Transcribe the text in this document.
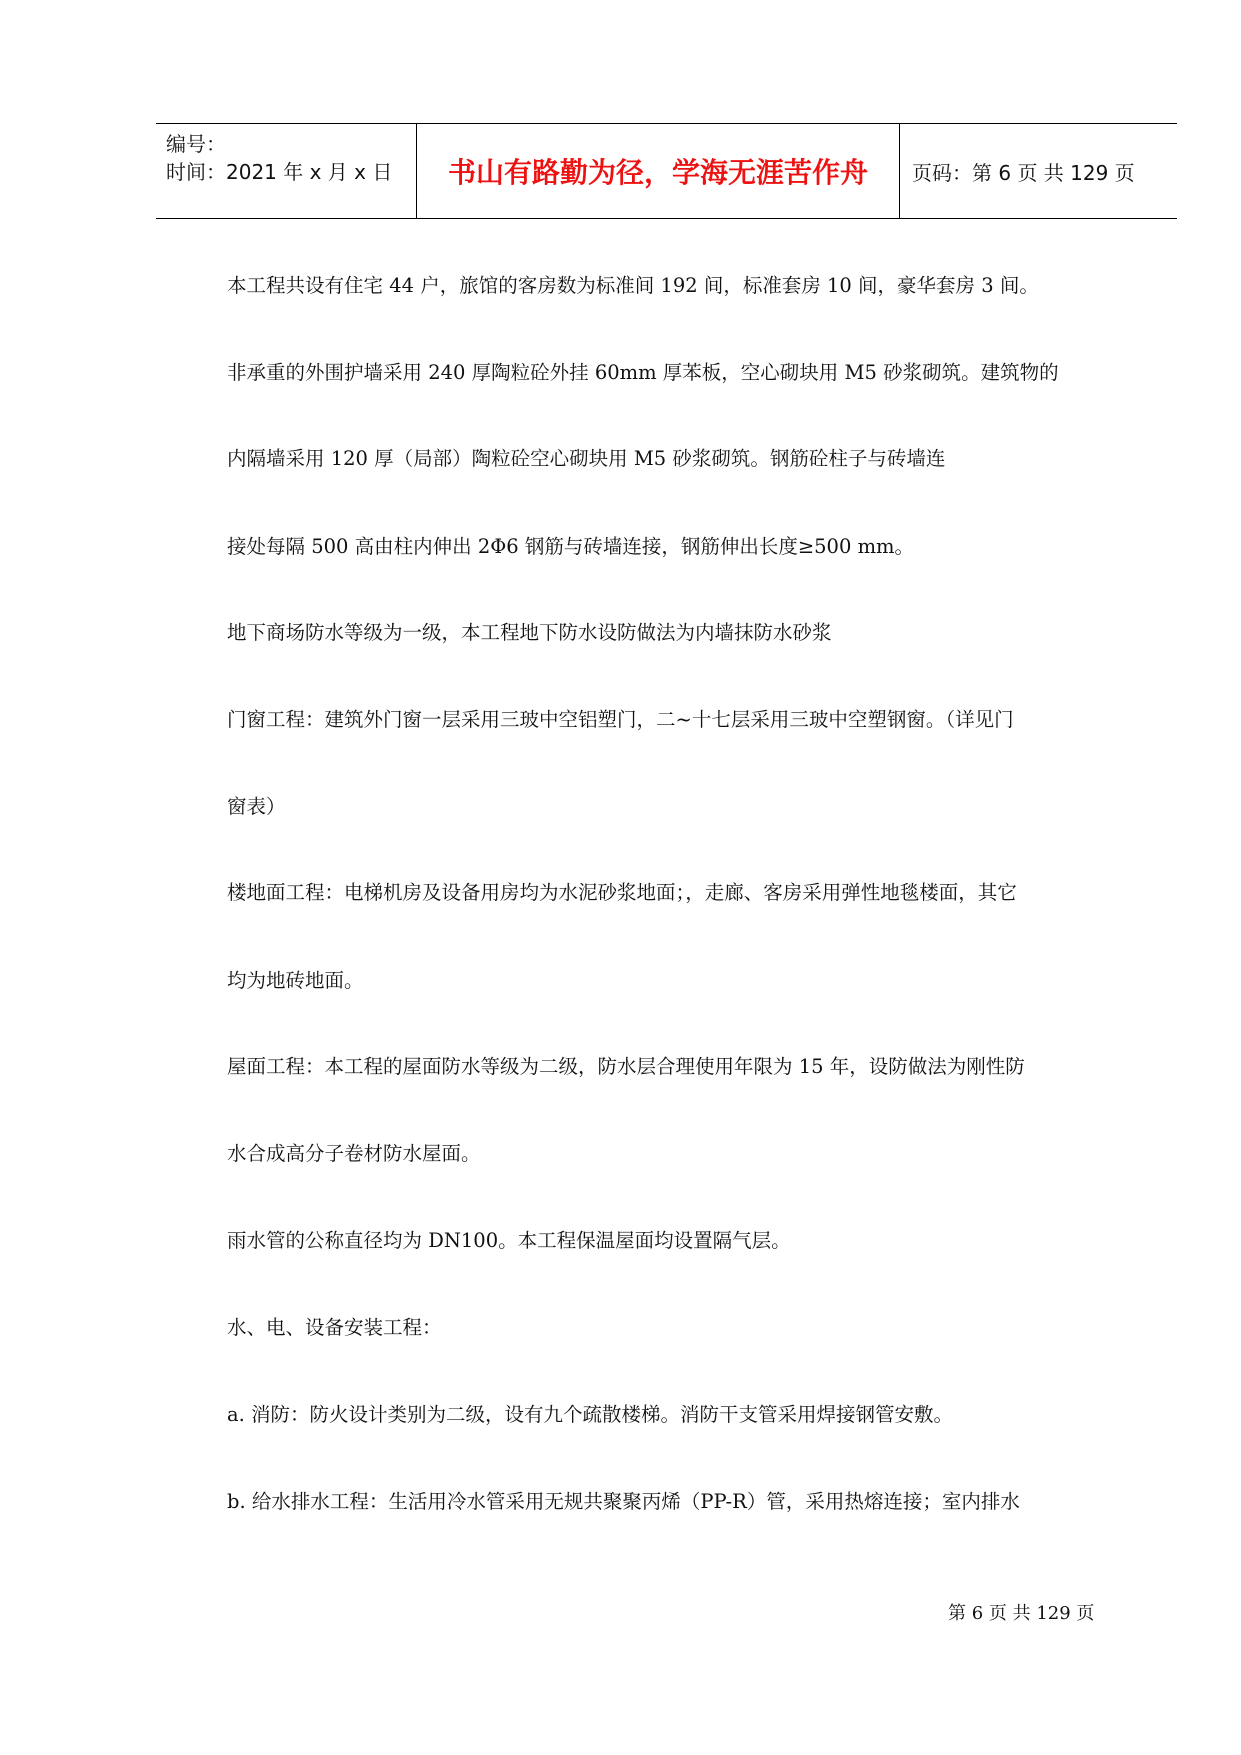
编号：
时间：2021 年 x 月 x 日	书山有路勤为径，学海无涯苦作舟	页码：第 6 页 共 129 页
本工程共设有住宅 44 户，旅馆的客房数为标准间 192 间，标准套房 10 间，豪华套房 3 间。
非承重的外围护墙采用 240 厚陶粒砼外挂 60mm 厚苯板，空心砌块用 M5 砂浆砌筑。建筑物的
内隔墙采用 120 厚（局部）陶粒砼空心砌块用 M5 砂浆砌筑。钢筋砼柱子与砖墙连
接处每隔 500 高由柱内伸出 2Φ6 钢筋与砖墙连接，钢筋伸出长度≥500 mm。
地下商场防水等级为一级，本工程地下防水设防做法为内墙抹防水砂浆
门窗工程：建筑外门窗一层采用三玻中空铝塑门，二~十七层采用三玻中空塑钢窗。（详见门
窗表）
楼地面工程：电梯机房及设备用房均为水泥砂浆地面；，走廊、客房采用弹性地毯楼面，其它
均为地砖地面。
屋面工程：本工程的屋面防水等级为二级，防水层合理使用年限为 15 年，设防做法为刚性防
水合成高分子卷材防水屋面。
雨水管的公称直径均为 DN100。本工程保温屋面均设置隔气层。
水、电、设备安装工程：
a. 消防：防火设计类别为二级，设有九个疏散楼梯。消防干支管采用焊接钢管安敷。
b. 给水排水工程：生活用冷水管采用无规共聚聚丙烯（PP-R）管，采用热熔连接；室内排水
第 6 页 共 129 页
